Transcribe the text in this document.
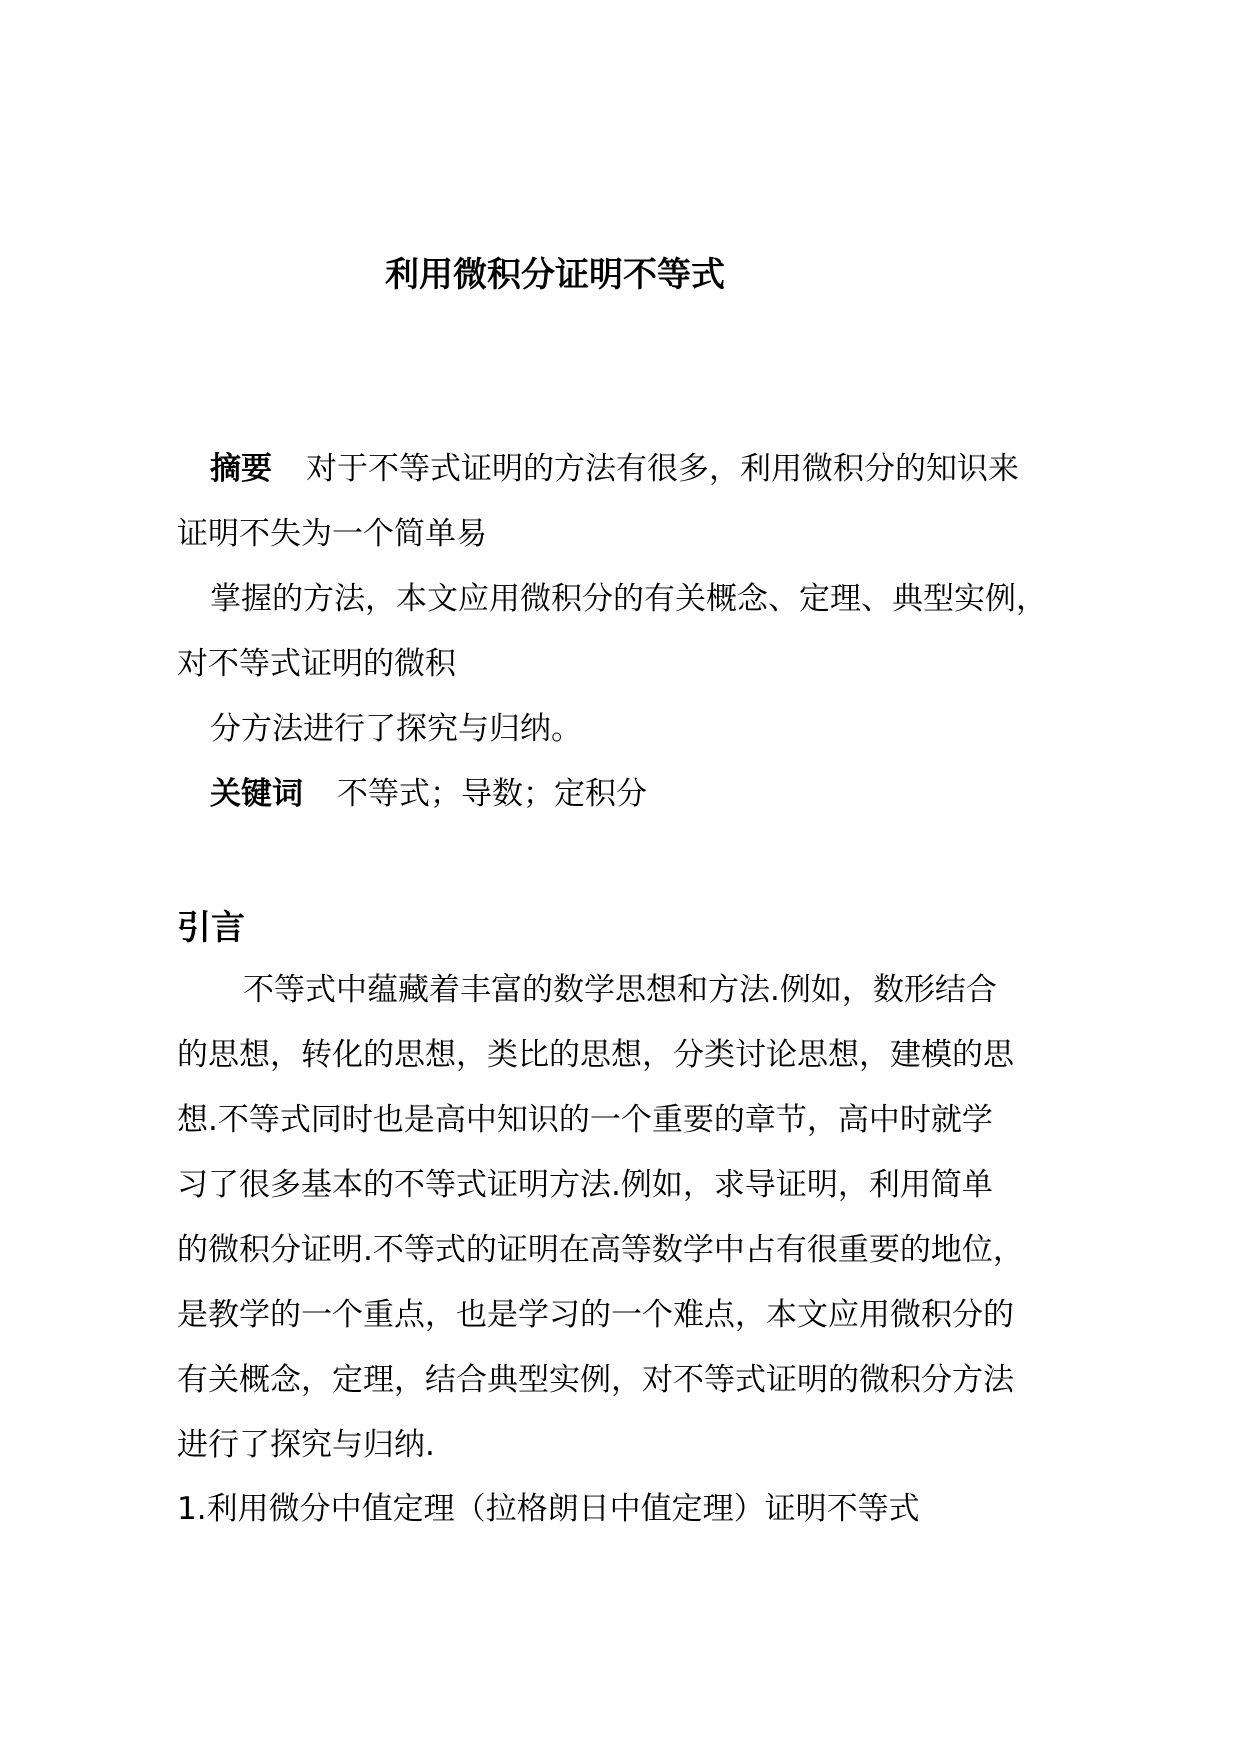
利用微积分证明不等式
摘要 对于不等式证明的方法有很多，利用微积分的知识来
证明不失为一个简单易
掌握的方法，本文应用微积分的有关概念、定理、典型实例，
对不等式证明的微积
分方法进行了探究与归纳。
关键词 不等式；导数；定积分
引言
不等式中蕴藏着丰富的数学思想和方法.例如，数形结合
的思想，转化的思想，类比的思想，分类讨论思想，建模的思
想.不等式同时也是高中知识的一个重要的章节，高中时就学
习了很多基本的不等式证明方法.例如，求导证明，利用简单
的微积分证明.不等式的证明在高等数学中占有很重要的地位，
是教学的一个重点，也是学习的一个难点，本文应用微积分的
有关概念，定理，结合典型实例，对不等式证明的微积分方法
进行了探究与归纳.
1.利用微分中值定理（拉格朗日中值定理）证明不等式
